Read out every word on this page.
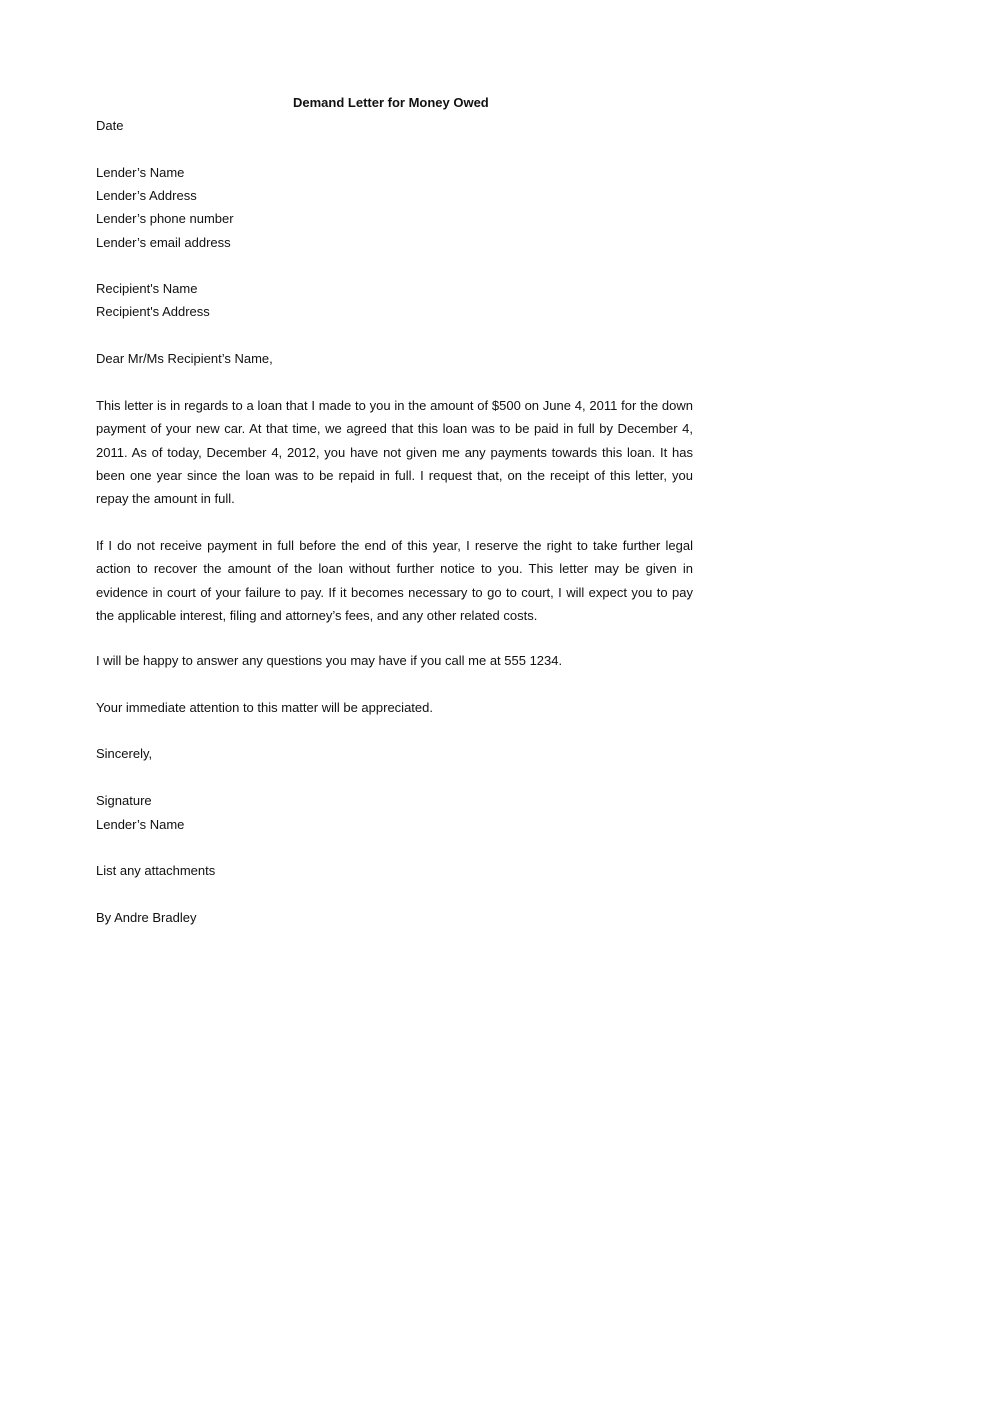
Demand Letter for Money Owed
Date
Lender’s Name
Lender’s Address
Lender’s phone number
Lender’s email address
Recipient's Name
Recipient's Address
Dear Mr/Ms Recipient’s Name,

This letter is in regards to a loan that I made to you in the amount of $500 on June 4, 2011 for the down payment of your new car. At that time, we agreed that this loan was to be paid in full by December 4, 2011. As of today, December 4, 2012, you have not given me any payments towards this loan. It has been one year since the loan was to be repaid in full. I request that, on the receipt of this letter, you repay the amount in full.

If I do not receive payment in full before the end of this year, I reserve the right to take further legal action to recover the amount of the loan without further notice to you. This letter may be given in evidence in court of your failure to pay. If it becomes necessary to go to court, I will expect you to pay the applicable interest, filing and attorney’s fees, and any other related costs.

I will be happy to answer any questions you may have if you call me at 555 1234.
Your immediate attention to this matter will be appreciated.
Sincerely,
Signature
Lender’s Name
List any attachments
By Andre Bradley
